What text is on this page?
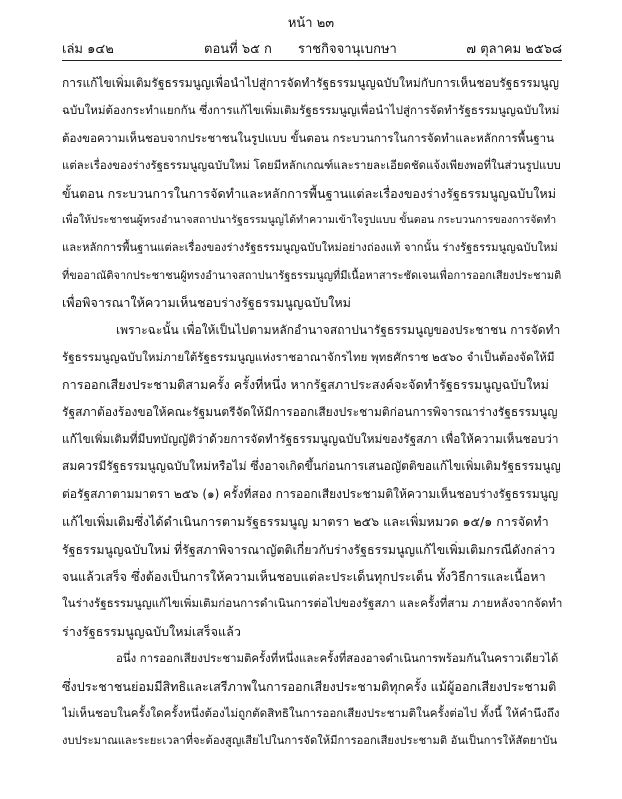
หน้า ๒๓
เล่ม ๑๔๒	ตอนที่ ๖๕ ก ราชกิจจานุเบกษา	๗ ตุลาคม ๒๕๖๘
การแก้ไขเพิ่มเติมรัฐธรรมนูญเพื่อนำไปสู่การจัดทำรัฐธรรมนูญฉบับใหม่กับการเห็นชอบรัฐธรรมนูญ
ฉบับใหม่ต้องกระทำแยกกัน ซึ่งการแก้ไขเพิ่มเติมรัฐธรรมนูญเพื่อนำไปสู่การจัดทำรัฐธรรมนูญฉบับใหม่
ต้องขอความเห็นชอบจากประชาชนในรูปแบบ ขั้นตอน กระบวนการในการจัดทำและหลักการพื้นฐาน
แต่ละเรื่องของร่างรัฐธรรมนูญฉบับใหม่ โดยมีหลักเกณฑ์และรายละเอียดชัดแจ้งเพียงพอที่ในส่วนรูปแบบ
ขั้นตอน กระบวนการในการจัดทำและหลักการพื้นฐานแต่ละเรื่องของร่างรัฐธรรมนูญฉบับใหม่
เพื่อให้ประชาชนผู้ทรงอำนาจสถาปนารัฐธรรมนูญได้ทำความเข้าใจรูปแบบ ขั้นตอน กระบวนการของการจัดทำ
และหลักการพื้นฐานแต่ละเรื่องของร่างรัฐธรรมนูญฉบับใหม่อย่างถ่องแท้ จากนั้น ร่างรัฐธรรมนูญฉบับใหม่
ที่ขออาณัติจากประชาชนผู้ทรงอำนาจสถาปนารัฐธรรมนูญที่มีเนื้อหาสาระชัดเจนเพื่อการออกเสียงประชามติ
เพื่อพิจารณาให้ความเห็นชอบร่างรัฐธรรมนูญฉบับใหม่
เพราะฉะนั้น เพื่อให้เป็นไปตามหลักอำนาจสถาปนารัฐธรรมนูญของประชาชน การจัดทำ
รัฐธรรมนูญฉบับใหม่ภายใต้รัฐธรรมนูญแห่งราชอาณาจักรไทย พุทธศักราช ๒๕๖๐ จำเป็นต้องจัดให้มี
การออกเสียงประชามติสามครั้ง ครั้งที่หนึ่ง หากรัฐสภาประสงค์จะจัดทำรัฐธรรมนูญฉบับใหม่
รัฐสภาต้องร้องขอให้คณะรัฐมนตรีจัดให้มีการออกเสียงประชามติก่อนการพิจารณาร่างรัฐธรรมนูญ
แก้ไขเพิ่มเติมที่มีบทบัญญัติว่าด้วยการจัดทำรัฐธรรมนูญฉบับใหม่ของรัฐสภา เพื่อให้ความเห็นชอบว่า
สมควรมีรัฐธรรมนูญฉบับใหม่หรือไม่ ซึ่งอาจเกิดขึ้นก่อนการเสนอญัตติขอแก้ไขเพิ่มเติมรัฐธรรมนูญ
ต่อรัฐสภาตามมาตรา ๒๕๖ (๑) ครั้งที่สอง การออกเสียงประชามติให้ความเห็นชอบร่างรัฐธรรมนูญ
แก้ไขเพิ่มเติมซึ่งได้ดำเนินการตามรัฐธรรมนูญ มาตรา ๒๕๖ และเพิ่มหมวด ๑๕/๑ การจัดทำ
รัฐธรรมนูญฉบับใหม่ ที่รัฐสภาพิจารณาญัตติเกี่ยวกับร่างรัฐธรรมนูญแก้ไขเพิ่มเติมกรณีดังกล่าว
จนแล้วเสร็จ ซึ่งต้องเป็นการให้ความเห็นชอบแต่ละประเด็นทุกประเด็น ทั้งวิธีการและเนื้อหา
ในร่างรัฐธรรมนูญแก้ไขเพิ่มเติมก่อนการดำเนินการต่อไปของรัฐสภา และครั้งที่สาม ภายหลังจากจัดทำ
ร่างรัฐธรรมนูญฉบับใหม่เสร็จแล้ว
อนึ่ง การออกเสียงประชามติครั้งที่หนึ่งและครั้งที่สองอาจดำเนินการพร้อมกันในคราวเดียวได้
ซึ่งประชาชนย่อมมีสิทธิและเสรีภาพในการออกเสียงประชามติทุกครั้ง แม้ผู้ออกเสียงประชามติ
ไม่เห็นชอบในครั้งใดครั้งหนึ่งต้องไม่ถูกตัดสิทธิในการออกเสียงประชามติในครั้งต่อไป ทั้งนี้ ให้คำนึงถึง
งบประมาณและระยะเวลาที่จะต้องสูญเสียไปในการจัดให้มีการออกเสียงประชามติ อันเป็นการให้สัตยาบัน
